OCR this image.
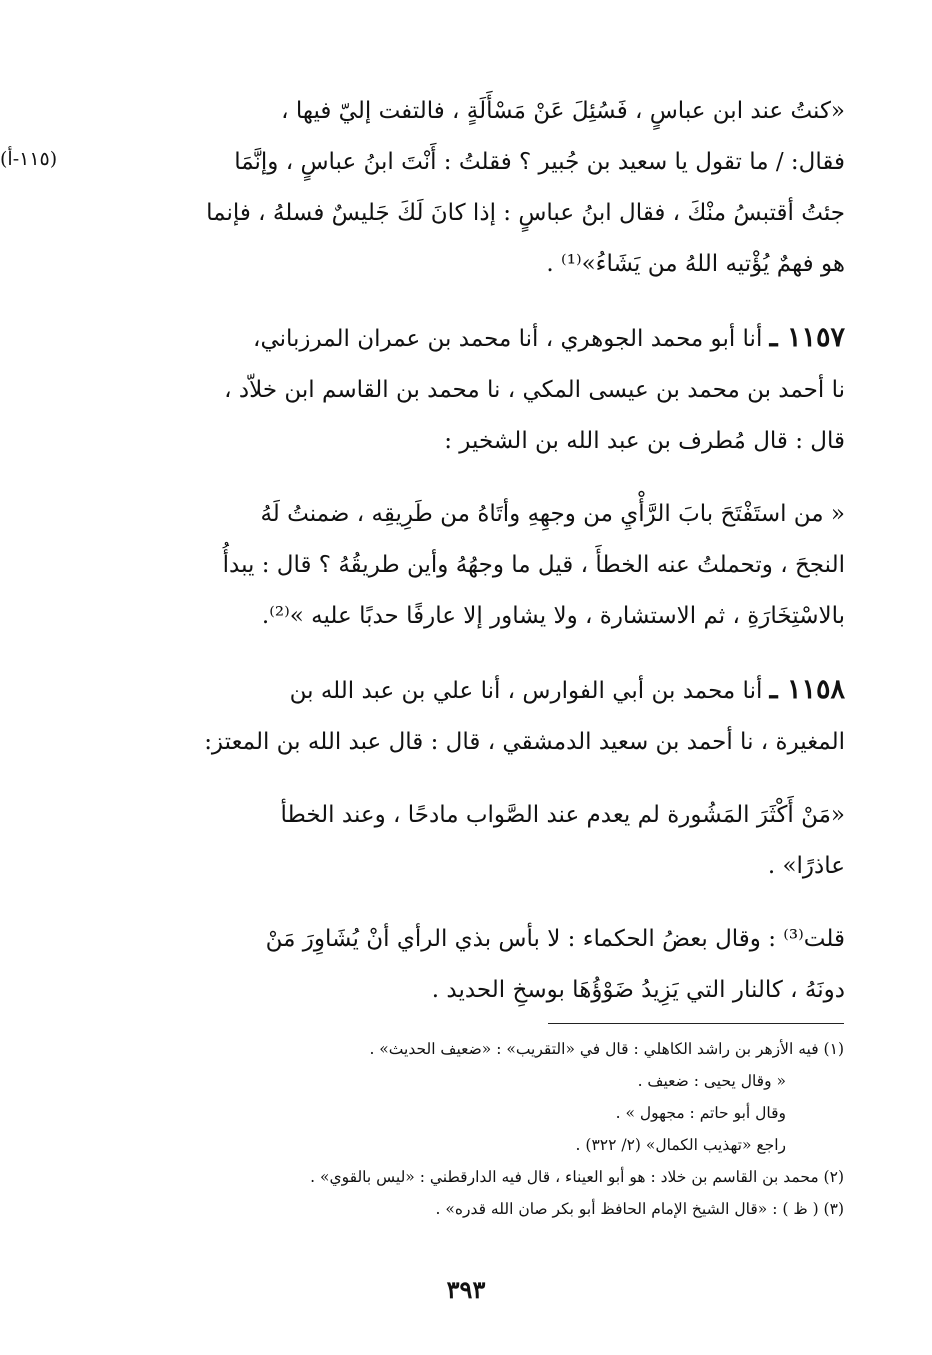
(١١٥-أ)
«كنتُ عند ابن عباسٍ ، فَسُئِلَ عَنْ مَسْأَلَةٍ ، فالتفت إليّ فيها ،
فقال: / ما تقول يا سعيد بن جُبير ؟ فقلتُ : أَنْتَ ابنُ عباسٍ ، وإنَّمَا
جئتُ أقتبسُ منْكَ ، فقال ابنُ عباسٍ : إذا كانَ لَكَ جَليسٌ فسلهُ ، فإنما
هو فهمٌ يُؤْتيه اللهُ من يَشَاءُ»⁽¹⁾ .
١١٥٧ ـ أنا أبو محمد الجوهري ، أنا محمد بن عمران المرزباني،
نا أحمد بن محمد بن عيسى المكي ، نا محمد بن القاسم ابن خلاّد ،
قال : قال مُطرف بن عبد الله بن الشخير :
« من استَفْتَحَ بابَ الرَّأْيِ من وجهِهِ وأتَاهُ من طَرِيقِه ، ضمنتُ لَهُ
النجحَ ، وتحملتُ عنه الخطأَ ، قيل ما وجهُهُ وأين طريقُهُ ؟ قال : يبدأُ
بالاسْتِخَارَةِ ، ثم الاستشارة ، ولا يشاور إلا عارفًا حدبًا عليه »⁽²⁾.
١١٥٨ ـ أنا محمد بن أبي الفوارس ، أنا علي بن عبد الله بن
المغيرة ، نا أحمد بن سعيد الدمشقي ، قال : قال عبد الله بن المعتز:
«مَنْ أَكْثَرَ المَشُورة لم يعدم عند الصَّواب مادحًا ، وعند الخطأ
عاذرًا» .
قلت⁽³⁾ : وقال بعضُ الحكماء : لا بأس بذي الرأي أنْ يُشَاوِرَ مَنْ
دونَهُ ، كالنار التي يَزِيدُ ضَوْؤُهَا بوسخِ الحديد .
(١) فيه الأزهر بن راشد الكاهلي : قال في «التقريب» : «ضعيف الحديث» .
« وقال يحيى : ضعيف .
وقال أبو حاتم : مجهول » .
راجع «تهذيب الكمال» (٢/ ٣٢٢) .
(٢) محمد بن القاسم بن خلاد : هو أبو العيناء ، قال فيه الدارقطني : «ليس بالقوي» .
(٣) ( ظ ) : «قال الشيخ الإمام الحافظ أبو بكر صان الله قدره» .
٣٩٣
